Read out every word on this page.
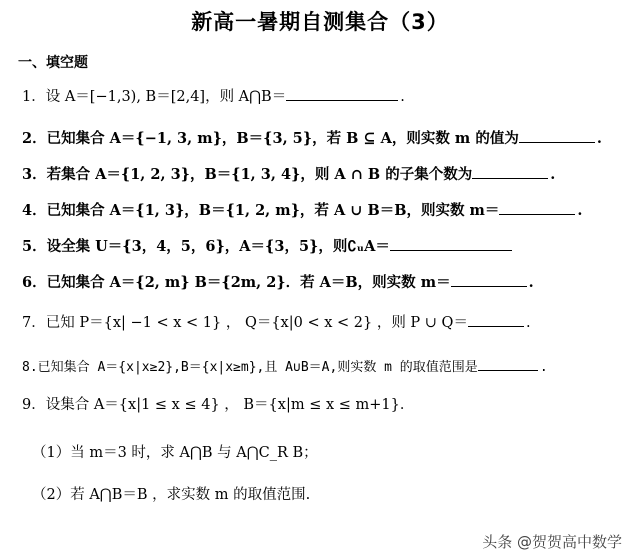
新高一暑期自测集合（3）
一、填空题
1．设 A＝[−1,3), B＝[2,4]，则 A⋂B＝	.
2．已知集合 A＝{−1, 3, m}，B＝{3, 5}，若 B ⊆ A，则实数 m 的值为	.
3．若集合 A＝{1, 2, 3}，B＝{1, 3, 4}，则 A ∩ B 的子集个数为	.
4．已知集合 A＝{1, 3}，B＝{1, 2, m}，若 A ∪ B＝B，则实数 m＝	.
5．设全集 U＝{3，4，5，6}，A＝{3，5}，则∁ᵤA＝
6．已知集合 A＝{2, m} B＝{2m, 2}．若 A＝B，则实数 m＝	.
7．已知 P＝{x| −1 < x < 1} ， Q＝{x|0 < x < 2} ，则 P ∪ Q＝	.
8.已知集合 A＝{x|x≥2},B＝{x|x≥m},且 A∪B＝A,则实数 m 的取值范围是	.
9．设集合 A＝{x|1 ≤ x ≤ 4} ， B＝{x|m ≤ x ≤ m+1}．
（1）当 m＝3 时，求 A⋂B 与 A⋂C_R B；
（2）若 A⋂B＝B ，求实数 m 的取值范围.
头条 @贺贺高中数学
